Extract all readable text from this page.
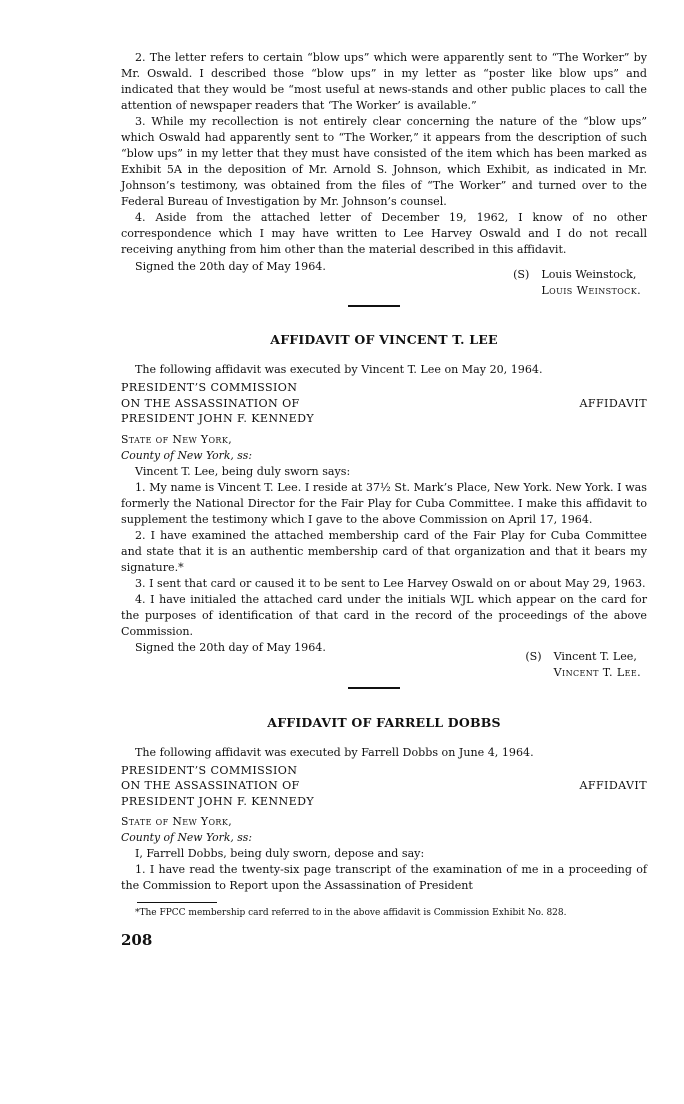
2. The letter refers to certain “blow ups” which were apparently sent to “The Worker” by Mr. Oswald. I described those “blow ups” in my letter as “poster like blow ups” and indicated that they would be “most useful at news-stands and other public places to call the attention of newspaper readers that ‘The Worker’ is available.”

3. While my recollection is not entirely clear concerning the nature of the “blow ups” which Oswald had apparently sent to “The Worker,” it appears from the description of such “blow ups” in my letter that they must have consisted of the item which has been marked as Exhibit 5A in the deposition of Mr. Arnold S. Johnson, which Exhibit, as indicated in Mr. Johnson’s testimony, was obtained from the files of “The Worker” and turned over to the Federal Bureau of Investigation by Mr. Johnson’s counsel.

4. Aside from the attached letter of December 19, 1962, I know of no other correspondence which I may have written to Lee Harvey Oswald and I do not recall receiving anything from him other than the material described in this affidavit.

Signed the 20th day of May 1964.

(S) Louis Weinstock,
Louis Weinstock.
AFFIDAVIT OF VINCENT T. LEE

The following affidavit was executed by Vincent T. Lee on May 20, 1964.

PRESIDENT’S COMMISSION
ON THE ASSASSINATION OF	AFFIDAVIT
PRESIDENT JOHN F. KENNEDY

State of New York,

County of New York, ss:

Vincent T. Lee, being duly sworn says:

1. My name is Vincent T. Lee. I reside at 37½ St. Mark’s Place, New York. New York. I was formerly the National Director for the Fair Play for Cuba Committee. I make this affidavit to supplement the testimony which I gave to the above Commission on April 17, 1964.

2. I have examined the attached membership card of the Fair Play for Cuba Committee and state that it is an authentic membership card of that organization and that it bears my signature.*

3. I sent that card or caused it to be sent to Lee Harvey Oswald on or about May 29, 1963.

4. I have initialed the attached card under the initials WJL which appear on the card for the purposes of identification of that card in the record of the proceedings of the above Commission.

Signed the 20th day of May 1964.

(S) Vincent T. Lee,
Vincent T. Lee.
AFFIDAVIT OF FARRELL DOBBS

The following affidavit was executed by Farrell Dobbs on June 4, 1964.

PRESIDENT’S COMMISSION
ON THE ASSASSINATION OF	AFFIDAVIT
PRESIDENT JOHN F. KENNEDY

State of New York,

County of New York, ss:

I, Farrell Dobbs, being duly sworn, depose and say:

1. I have read the twenty-six page transcript of the examination of me in a proceeding of the Commission to Report upon the Assassination of President

*The FPCC membership card referred to in the above affidavit is Commission Exhibit No. 828.

208
